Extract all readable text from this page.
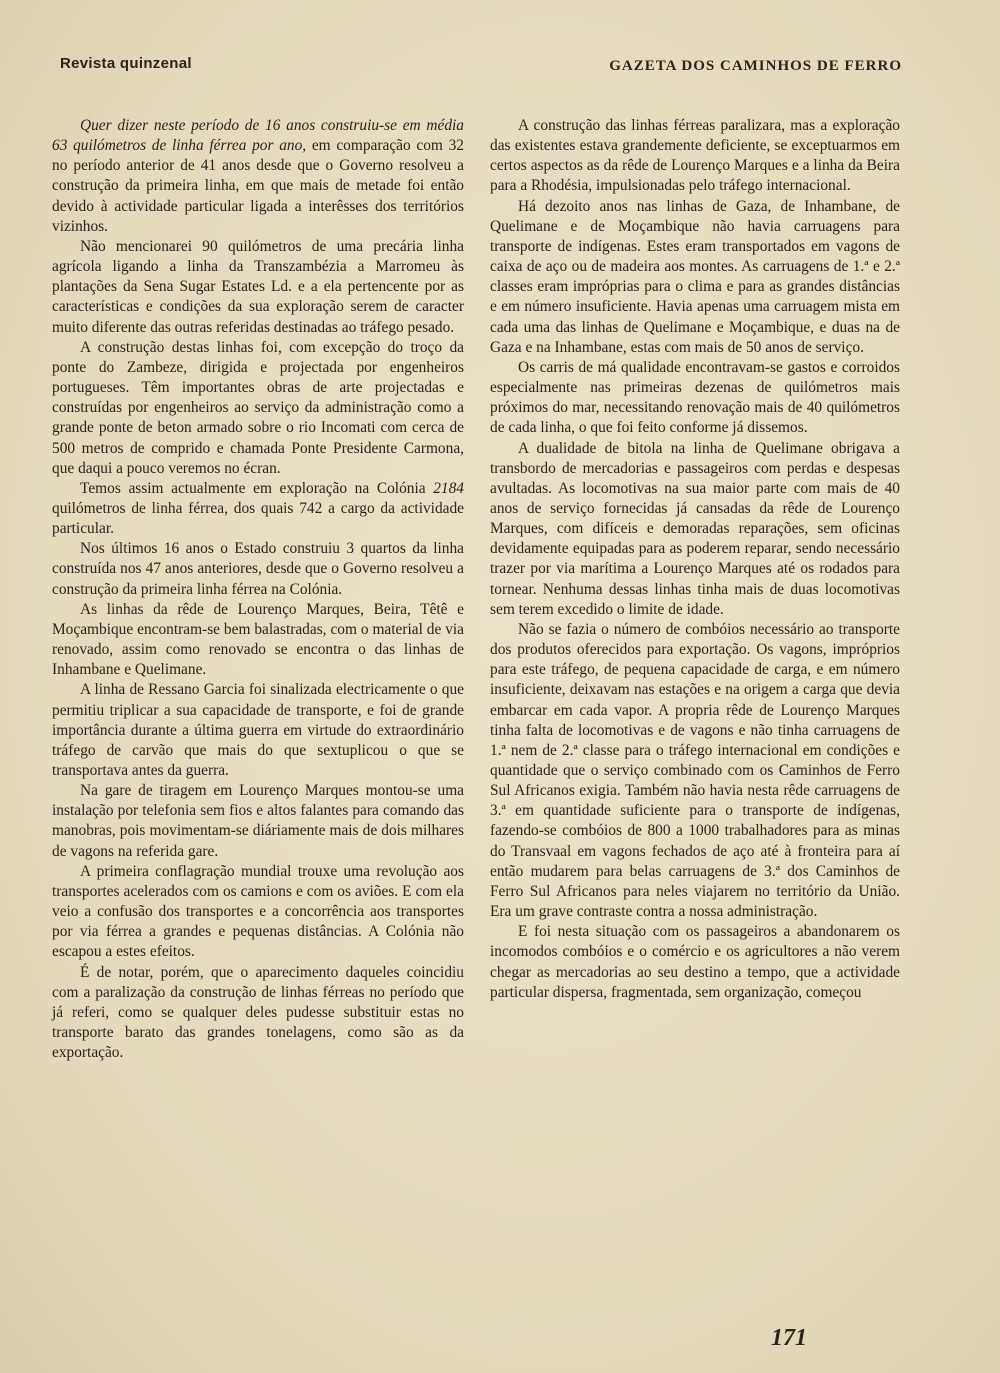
Revista quinzenal	GAZETA DOS CAMINHOS DE FERRO

Quer dizer neste período de 16 anos construiu-se em média 63 quilómetros de linha férrea por ano, em comparação com 32 no período anterior de 41 anos desde que o Governo resolveu a construção da primeira linha, em que mais de metade foi então devido à actividade particular ligada a interêsses dos territórios vizinhos.

Não mencionarei 90 quilómetros de uma precária linha agrícola ligando a linha da Transzambézia a Marromeu às plantações da Sena Sugar Estates Ld. e a ela pertencente por as características e condições da sua exploração serem de caracter muito diferente das outras referidas destinadas ao tráfego pesado.

A construção destas linhas foi, com excepção do troço da ponte do Zambeze, dirigida e projectada por engenheiros portugueses. Têm importantes obras de arte projectadas e construídas por engenheiros ao serviço da administração como a grande ponte de beton armado sobre o rio Incomati com cerca de 500 metros de comprido e chamada Ponte Presidente Carmona, que daqui a pouco veremos no écran.

Temos assim actualmente em exploração na Colónia 2184 quilómetros de linha férrea, dos quais 742 a cargo da actividade particular.

Nos últimos 16 anos o Estado construiu 3 quartos da linha construída nos 47 anos anteriores, desde que o Governo resolveu a construção da primeira linha férrea na Colónia.

As linhas da rêde de Lourenço Marques, Beira, Têtê e Moçambique encontram-se bem balastradas, com o material de via renovado, assim como renovado se encontra o das linhas de Inhambane e Quelimane.

A linha de Ressano Garcia foi sinalizada electricamente o que permitiu triplicar a sua capacidade de transporte, e foi de grande importância durante a última guerra em virtude do extraordinário tráfego de carvão que mais do que sextuplicou o que se transportava antes da guerra.

Na gare de tiragem em Lourenço Marques montou-se uma instalação por telefonia sem fios e altos falantes para comando das manobras, pois movimentam-se diáriamente mais de dois milhares de vagons na referida gare.

A primeira conflagração mundial trouxe uma revolução aos transportes acelerados com os camions e com os aviões. E com ela veio a confusão dos transportes e a concorrência aos transportes por via férrea a grandes e pequenas distâncias. A Colónia não escapou a estes efeitos.

É de notar, porém, que o aparecimento daqueles coincidiu com a paralização da construção de linhas férreas no período que já referi, como se qualquer deles pudesse substituir estas no transporte barato das grandes tonelagens, como são as da exportação.

A construção das linhas férreas paralizara, mas a exploração das existentes estava grandemente deficiente, se exceptuarmos em certos aspectos as da rêde de Lourenço Marques e a linha da Beira para a Rhodésia, impulsionadas pelo tráfego internacional.

Há dezoito anos nas linhas de Gaza, de Inhambane, de Quelimane e de Moçambique não havia carruagens para transporte de indígenas. Estes eram transportados em vagons de caixa de aço ou de madeira aos montes. As carruagens de 1.ª e 2.ª classes eram impróprias para o clima e para as grandes distâncias e em número insuficiente. Havia apenas uma carruagem mista em cada uma das linhas de Quelimane e Moçambique, e duas na de Gaza e na Inhambane, estas com mais de 50 anos de serviço.

Os carris de má qualidade encontravam-se gastos e corroidos especialmente nas primeiras dezenas de quilómetros mais próximos do mar, necessitando renovação mais de 40 quilómetros de cada linha, o que foi feito conforme já dissemos.

A dualidade de bitola na linha de Quelimane obrigava a transbordo de mercadorias e passageiros com perdas e despesas avultadas. As locomotivas na sua maior parte com mais de 40 anos de serviço fornecidas já cansadas da rêde de Lourenço Marques, com difíceis e demoradas reparações, sem oficinas devidamente equipadas para as poderem reparar, sendo necessário trazer por via marítima a Lourenço Marques até os rodados para tornear. Nenhuma dessas linhas tinha mais de duas locomotivas sem terem excedido o limite de idade.

Não se fazia o número de combóios necessário ao transporte dos produtos oferecidos para exportação. Os vagons, impróprios para este tráfego, de pequena capacidade de carga, e em número insuficiente, deixavam nas estações e na origem a carga que devia embarcar em cada vapor. A propria rêde de Lourenço Marques tinha falta de locomotivas e de vagons e não tinha carruagens de 1.ª nem de 2.ª classe para o tráfego internacional em condições e quantidade que o serviço combinado com os Caminhos de Ferro Sul Africanos exigia. Também não havia nesta rêde carruagens de 3.ª em quantidade suficiente para o transporte de indígenas, fazendo-se combóios de 800 a 1000 trabalhadores para as minas do Transvaal em vagons fechados de aço até à fronteira para aí então mudarem para belas carruagens de 3.ª dos Caminhos de Ferro Sul Africanos para neles viajarem no território da União. Era um grave contraste contra a nossa administração.

E foi nesta situação com os passageiros a abandonarem os incomodos combóios e o comércio e os agricultores a não verem chegar as mercadorias ao seu destino a tempo, que a actividade particular dispersa, fragmentada, sem organização, começou

171
